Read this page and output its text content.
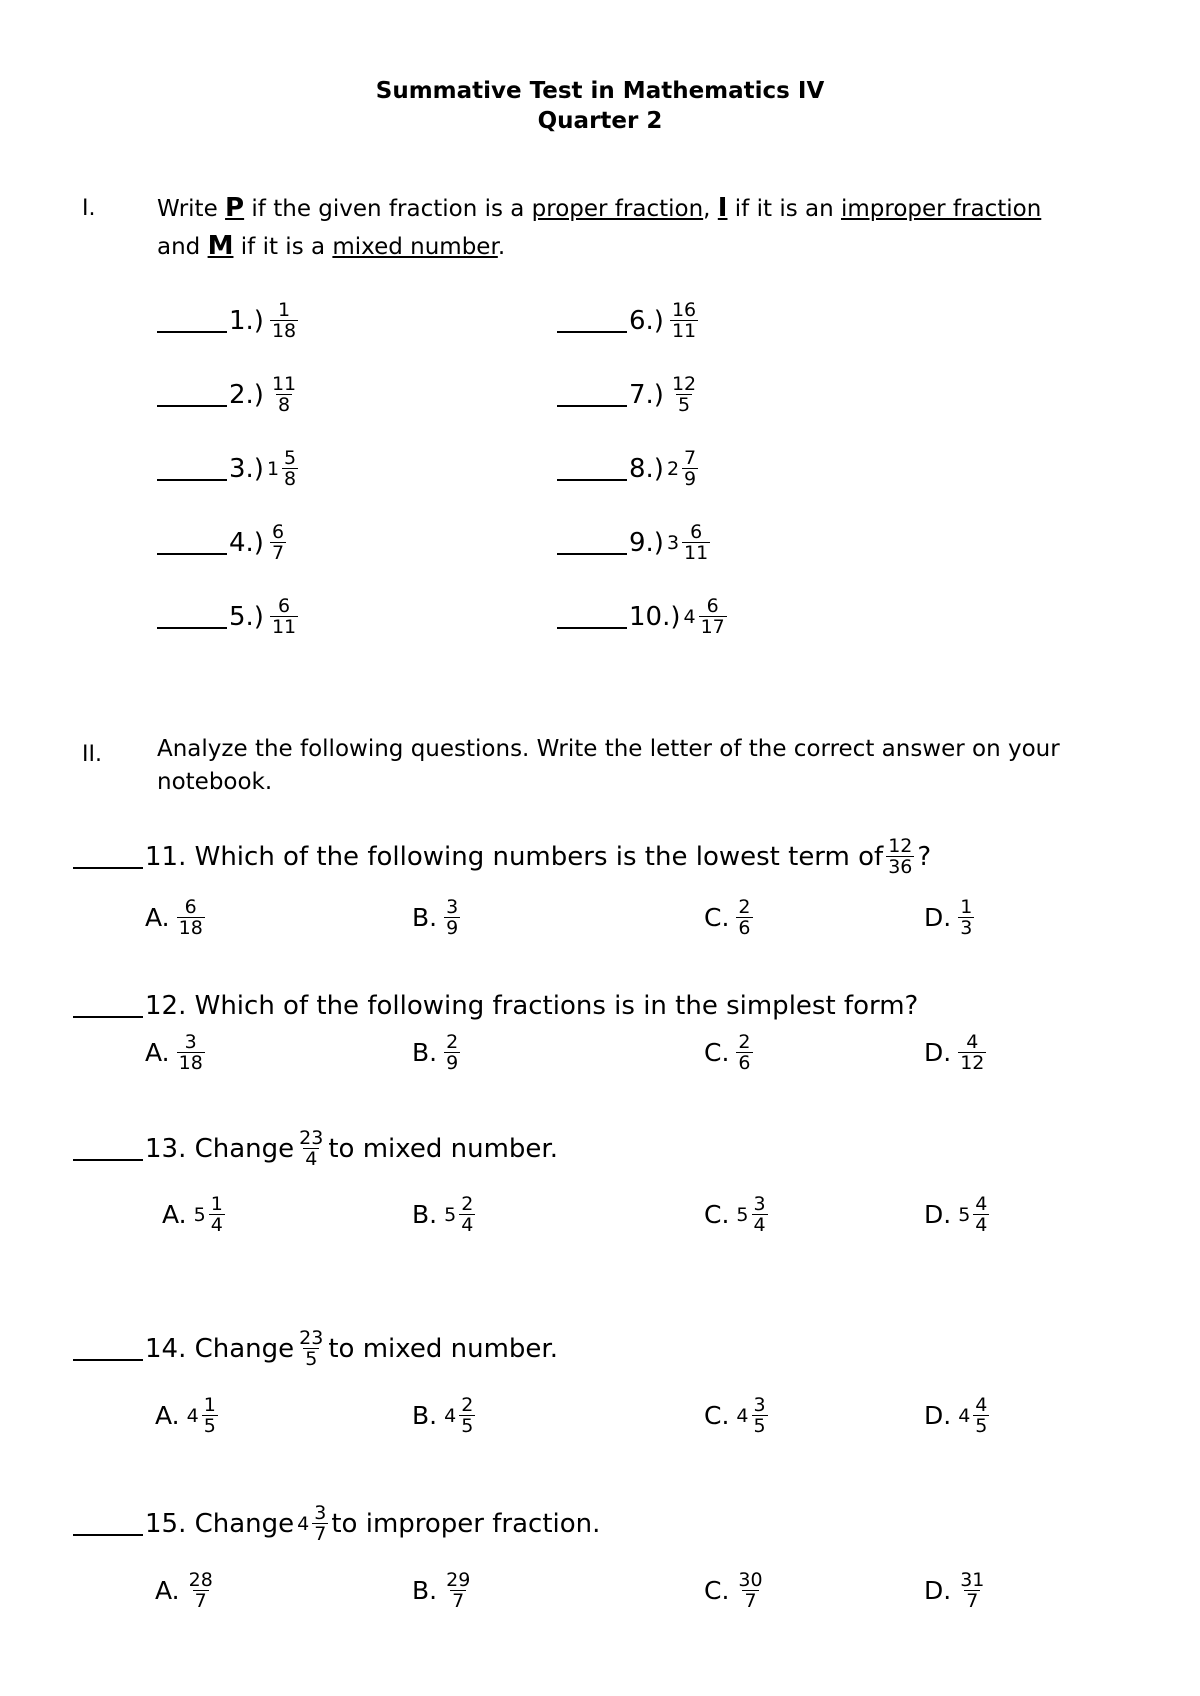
Summative Test in Mathematics IV
Quarter 2
I.	Write P if the given fraction is a proper fraction, I if it is an improper fraction
and M if it is a mixed number.
$1.) \frac{1}{18}$
$2.) \frac{11}{8}$
3.) $1 \frac{5}{8}$
$4.) \frac{6}{7}$
$5.) \frac{6}{11}$
$6.) \frac{16}{11}$
$7.) \frac{12}{5}$
8.) $2 \frac{7}{9}$
9.) $3 \frac{6}{11}$
10.) $4 \frac{6}{17}$
II. Analyze the following questions. Write the letter of the correct answer on your notebook.
11. Which of the following numbers is the lowest term of $\frac{12}{36}$ ?
A. $\frac{6}{18}$	B. $\frac{3}{9}$	C. $\frac{2}{6}$	D. $\frac{1}{3}$
12. Which of the following fractions is in the simplest form?
A. $\frac{3}{18}$	B. $\frac{2}{9}$	C. $\frac{2}{6}$	D. $\frac{4}{12}$
13. Change $\frac{23}{4}$ to mixed number.
A. $5 \frac{1}{4}$	B. $5 \frac{2}{4}$	C. $5 \frac{3}{4}$	D. $5 \frac{4}{4}$
14. Change $\frac{23}{5}$ to mixed number.
A. $4 \frac{1}{5}$	B. $4 \frac{2}{5}$	C. $4 \frac{3}{5}$	D. $4 \frac{4}{5}$
15. Change $4 \frac{3}{7}$ to improper fraction.
A. $\frac{28}{7}$	B. $\frac{29}{7}$	C. $\frac{30}{7}$	D. $\frac{31}{7}$
